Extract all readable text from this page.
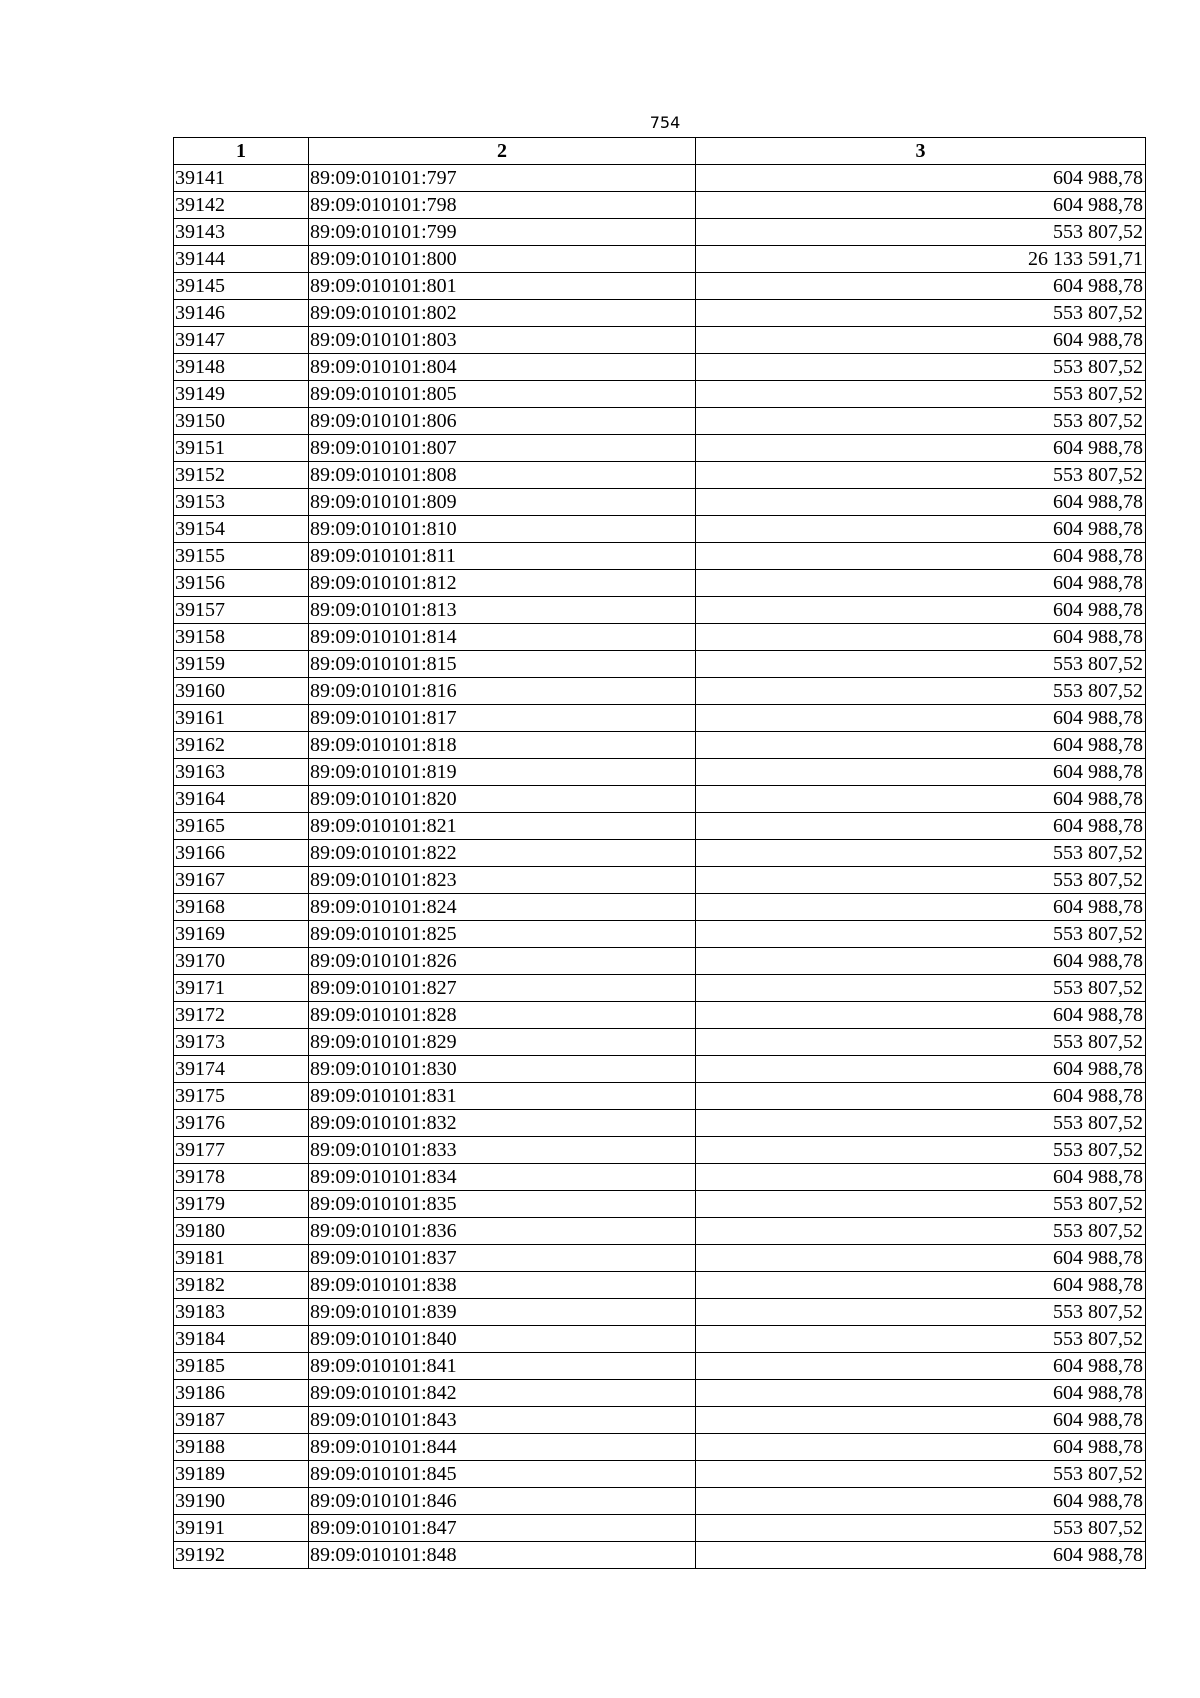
754
1	2	3
39141	89:09:010101:797	604 988,78
39142	89:09:010101:798	604 988,78
39143	89:09:010101:799	553 807,52
39144	89:09:010101:800	26 133 591,71
39145	89:09:010101:801	604 988,78
39146	89:09:010101:802	553 807,52
39147	89:09:010101:803	604 988,78
39148	89:09:010101:804	553 807,52
39149	89:09:010101:805	553 807,52
39150	89:09:010101:806	553 807,52
39151	89:09:010101:807	604 988,78
39152	89:09:010101:808	553 807,52
39153	89:09:010101:809	604 988,78
39154	89:09:010101:810	604 988,78
39155	89:09:010101:811	604 988,78
39156	89:09:010101:812	604 988,78
39157	89:09:010101:813	604 988,78
39158	89:09:010101:814	604 988,78
39159	89:09:010101:815	553 807,52
39160	89:09:010101:816	553 807,52
39161	89:09:010101:817	604 988,78
39162	89:09:010101:818	604 988,78
39163	89:09:010101:819	604 988,78
39164	89:09:010101:820	604 988,78
39165	89:09:010101:821	604 988,78
39166	89:09:010101:822	553 807,52
39167	89:09:010101:823	553 807,52
39168	89:09:010101:824	604 988,78
39169	89:09:010101:825	553 807,52
39170	89:09:010101:826	604 988,78
39171	89:09:010101:827	553 807,52
39172	89:09:010101:828	604 988,78
39173	89:09:010101:829	553 807,52
39174	89:09:010101:830	604 988,78
39175	89:09:010101:831	604 988,78
39176	89:09:010101:832	553 807,52
39177	89:09:010101:833	553 807,52
39178	89:09:010101:834	604 988,78
39179	89:09:010101:835	553 807,52
39180	89:09:010101:836	553 807,52
39181	89:09:010101:837	604 988,78
39182	89:09:010101:838	604 988,78
39183	89:09:010101:839	553 807,52
39184	89:09:010101:840	553 807,52
39185	89:09:010101:841	604 988,78
39186	89:09:010101:842	604 988,78
39187	89:09:010101:843	604 988,78
39188	89:09:010101:844	604 988,78
39189	89:09:010101:845	553 807,52
39190	89:09:010101:846	604 988,78
39191	89:09:010101:847	553 807,52
39192	89:09:010101:848	604 988,78
